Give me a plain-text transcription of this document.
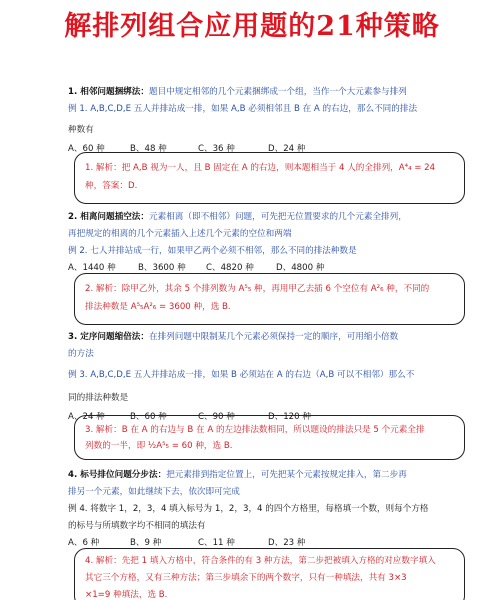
解排列组合应用题的21种策略
1. 相邻问题捆绑法：题目中规定相邻的几个元素捆绑成一个组，当作一个大元素参与排列
例 1. A,B,C,D,E 五人并排站成一排，如果 A,B 必须相邻且 B 在 A 的右边，那么不同的排法
种数有
A、60 种	B、48 种	C、36 种	D、24 种
1. 解析：把 A,B 视为一人，且 B 固定在 A 的右边，则本题相当于 4 人的全排列，A⁴₄ = 24
种，答案：D.
2. 相离问题插空法：元素相离（即不相邻）问题，可先把无位置要求的几个元素全排列，
再把规定的相离的几个元素插入上述几个元素的空位和两端
例 2. 七人并排站成一行，如果甲乙两个必须不相邻，那么不同的排法种数是
A、1440 种	B、3600 种	C、4820 种	D、4800 种
2. 解析：除甲乙外，其余 5 个排列数为 A⁵₅ 种，再用甲乙去插 6 个空位有 A²₆ 种，不同的
排法种数是 A⁵₅A²₆ = 3600 种，选 B.
3. 定序问题缩倍法：在排列问题中限制某几个元素必须保持一定的顺序，可用缩小倍数
的方法
例 3. A,B,C,D,E 五人并排站成一排，如果 B 必须站在 A 的右边（A,B 可以不相邻）那么不
同的排法种数是
A、24 种	B、60 种	C、90 种	D、120 种
3. 解析：B 在 A 的右边与 B 在 A 的左边排法数相同，所以题设的排法只是 5 个元素全排
列数的一半，即 ½A⁵₅ = 60 种，选 B.
4. 标号排位问题分步法：把元素排到指定位置上，可先把某个元素按规定排入，第二步再
排另一个元素，如此继续下去，依次即可完成
例 4. 将数字 1，2，3，4 填入标号为 1，2，3，4 的四个方格里，每格填一个数，则每个方格
的标号与所填数字均不相同的填法有
A、6 种	B、9 种	C、11 种	D、23 种
4. 解析：先把 1 填入方格中，符合条件的有 3 种方法，第二步把被填入方格的对应数字填入
其它三个方格，又有三种方法；第三步填余下的两个数字，只有一种填法，共有 3×3
×1=9 种填法，选 B.
